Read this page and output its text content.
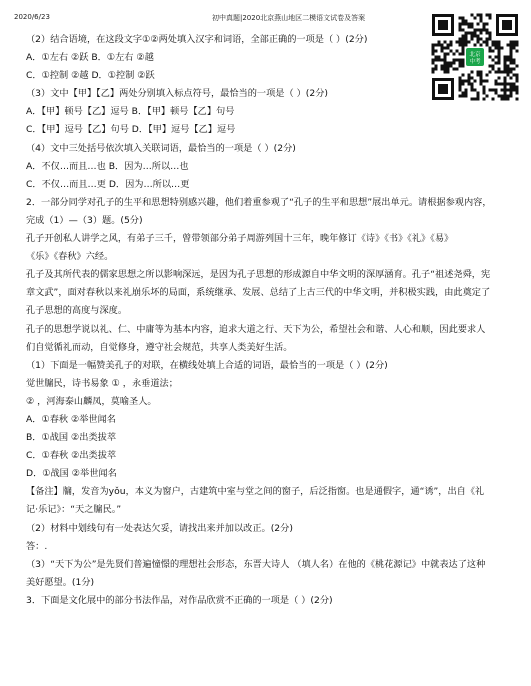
2020/6/23	初中真题|2020北京燕山地区二模语文试卷及答案
北京
中考
（2）结合语境，在这段文字①②两处填入汉字和词语，全部正确的一项是（ ）(2分)
A．①左右 ②跃 B．①左右 ②越
C．①控制 ②越 D．①控制 ②跃
（3）文中【甲】【乙】两处分别填入标点符号，最恰当的一项是（ ）(2分)
A．【甲】顿号【乙】逗号 B．【甲】顿号【乙】句号
C．【甲】逗号【乙】句号 D．【甲】逗号【乙】逗号
（4）文中三处括号依次填入关联词语，最恰当的一项是（ ）(2分)
A．不仅…而且…也 B．因为…所以…也
C．不仅…而且…更 D．因为…所以…更
2．一部分同学对孔子的生平和思想特别感兴趣，他们着重参观了“孔子的生平和思想”展出单元。请根据参观内容，
完成（1）—（3）题。(5分)
孔子开创私人讲学之风，有弟子三千，曾带领部分弟子周游列国十三年，晚年修订《诗》《书》《礼》《易》
《乐》《春秋》六经。
孔子及其所代表的儒家思想之所以影响深远，是因为孔子思想的形成源自中华文明的深厚涵育。孔子“祖述尧舜，宪
章文武”，面对春秋以来礼崩乐坏的局面，系统继承、发展、总结了上古三代的中华文明，并积极实践，由此奠定了
孔子思想的高度与深度。
孔子的思想学说以礼、仁、中庸等为基本内容，追求大道之行、天下为公，希望社会和谐、人心和顺，因此要求人
们自觉循礼而动，自觉修身，遵守社会规范，共享人类美好生活。
（1）下面是一幅赞美孔子的对联，在横线处填上合适的词语，最恰当的一项是（ ）(2分)
觉世牖民，诗书易象 ① ，永垂道法；
② ，河海泰山麟凤，莫喻圣人。
A．①春秋 ②举世闻名
B．①战国 ②出类拔萃
C．①春秋 ②出类拔萃
D．①战国 ②举世闻名
【备注】牖，发音为yǒu，本义为窗户，古建筑中室与堂之间的窗子，后泛指窗。也是通假字，通“诱”，出自《礼
记·乐记》：“天之牖民。”
（2）材料中划线句有一处表达欠妥，请找出来并加以改正。(2分)
答：.
（3）“天下为公”是先贤们普遍憧憬的理想社会形态，东晋大诗人 （填人名）在他的《桃花源记》中就表达了这种
美好愿望。(1分)
3．下面是文化展中的部分书法作品，对作品欣赏不正确的一项是（ ）(2分)
